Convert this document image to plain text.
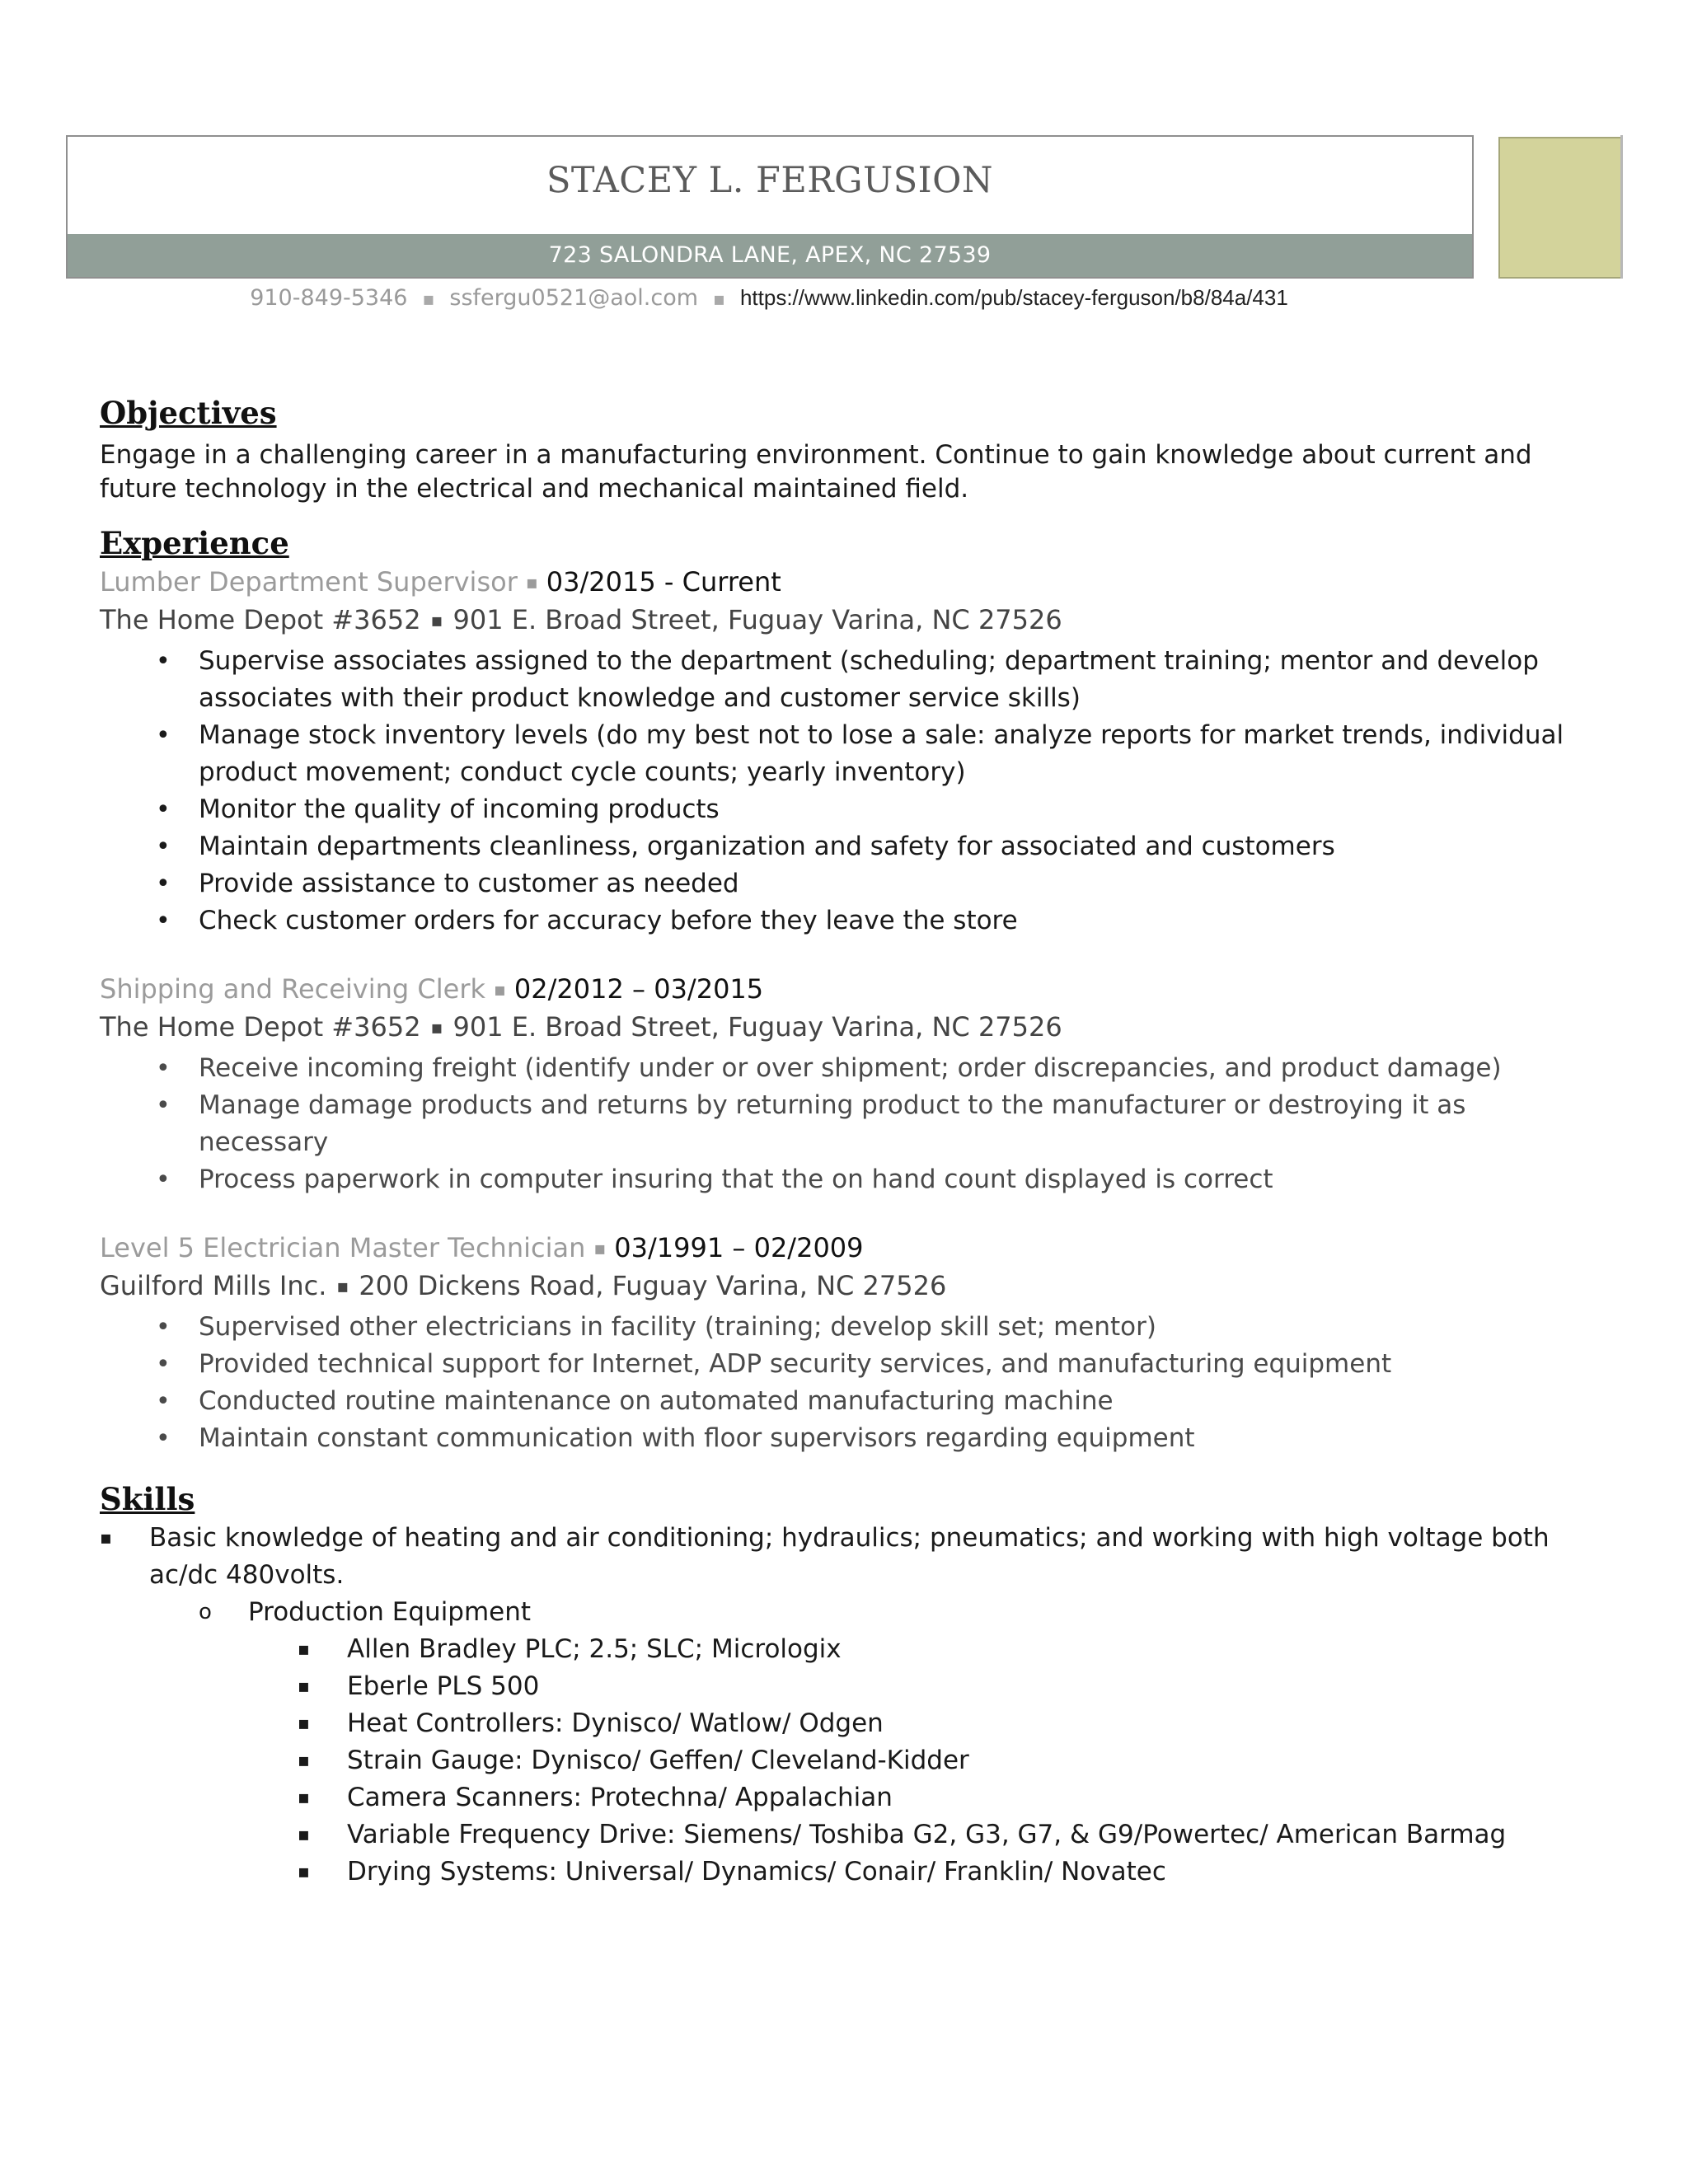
STACEY L. FERGUSION
723 SALONDRA LANE, APEX, NC 27539
910-849-5346 ▪ ssfergu0521@aol.com ▪ https://www.linkedin.com/pub/stacey-ferguson/b8/84a/431
Objectives

Engage in a challenging career in a manufacturing environment. Continue to gain knowledge about current and future technology in the electrical and mechanical maintained field.

Experience

Lumber Department Supervisor ▪ 03/2015 - Current

The Home Depot #3652 ▪ 901 E. Broad Street, Fuguay Varina, NC 27526

• Supervise associates assigned to the department (scheduling; department training; mentor and develop associates with their product knowledge and customer service skills)
• Manage stock inventory levels (do my best not to lose a sale: analyze reports for market trends, individual product movement; conduct cycle counts; yearly inventory)
• Monitor the quality of incoming products
• Maintain departments cleanliness, organization and safety for associated and customers
• Provide assistance to customer as needed
• Check customer orders for accuracy before they leave the store

Shipping and Receiving Clerk ▪ 02/2012 – 03/2015

The Home Depot #3652 ▪ 901 E. Broad Street, Fuguay Varina, NC 27526

• Receive incoming freight (identify under or over shipment; order discrepancies, and product damage)
• Manage damage products and returns by returning product to the manufacturer or destroying it as necessary
• Process paperwork in computer insuring that the on hand count displayed is correct

Level 5 Electrician Master Technician ▪ 03/1991 – 02/2009

Guilford Mills Inc. ▪ 200 Dickens Road, Fuguay Varina, NC 27526

• Supervised other electricians in facility (training; develop skill set; mentor)
• Provided technical support for Internet, ADP security services, and manufacturing equipment
• Conducted routine maintenance on automated manufacturing machine
• Maintain constant communication with floor supervisors regarding equipment
Skills
▪ Basic knowledge of heating and air conditioning; hydraulics; pneumatics; and working with high voltage both ac/dc 480volts.
o Production Equipment
▪ Allen Bradley PLC; 2.5; SLC; Micrologix
▪ Eberle PLS 500
▪ Heat Controllers: Dynisco/ Watlow/ Odgen
▪ Strain Gauge: Dynisco/ Geffen/ Cleveland-Kidder
▪ Camera Scanners: Protechna/ Appalachian
▪ Variable Frequency Drive: Siemens/ Toshiba G2, G3, G7, & G9/Powertec/ American Barmag
▪ Drying Systems: Universal/ Dynamics/ Conair/ Franklin/ Novatec
